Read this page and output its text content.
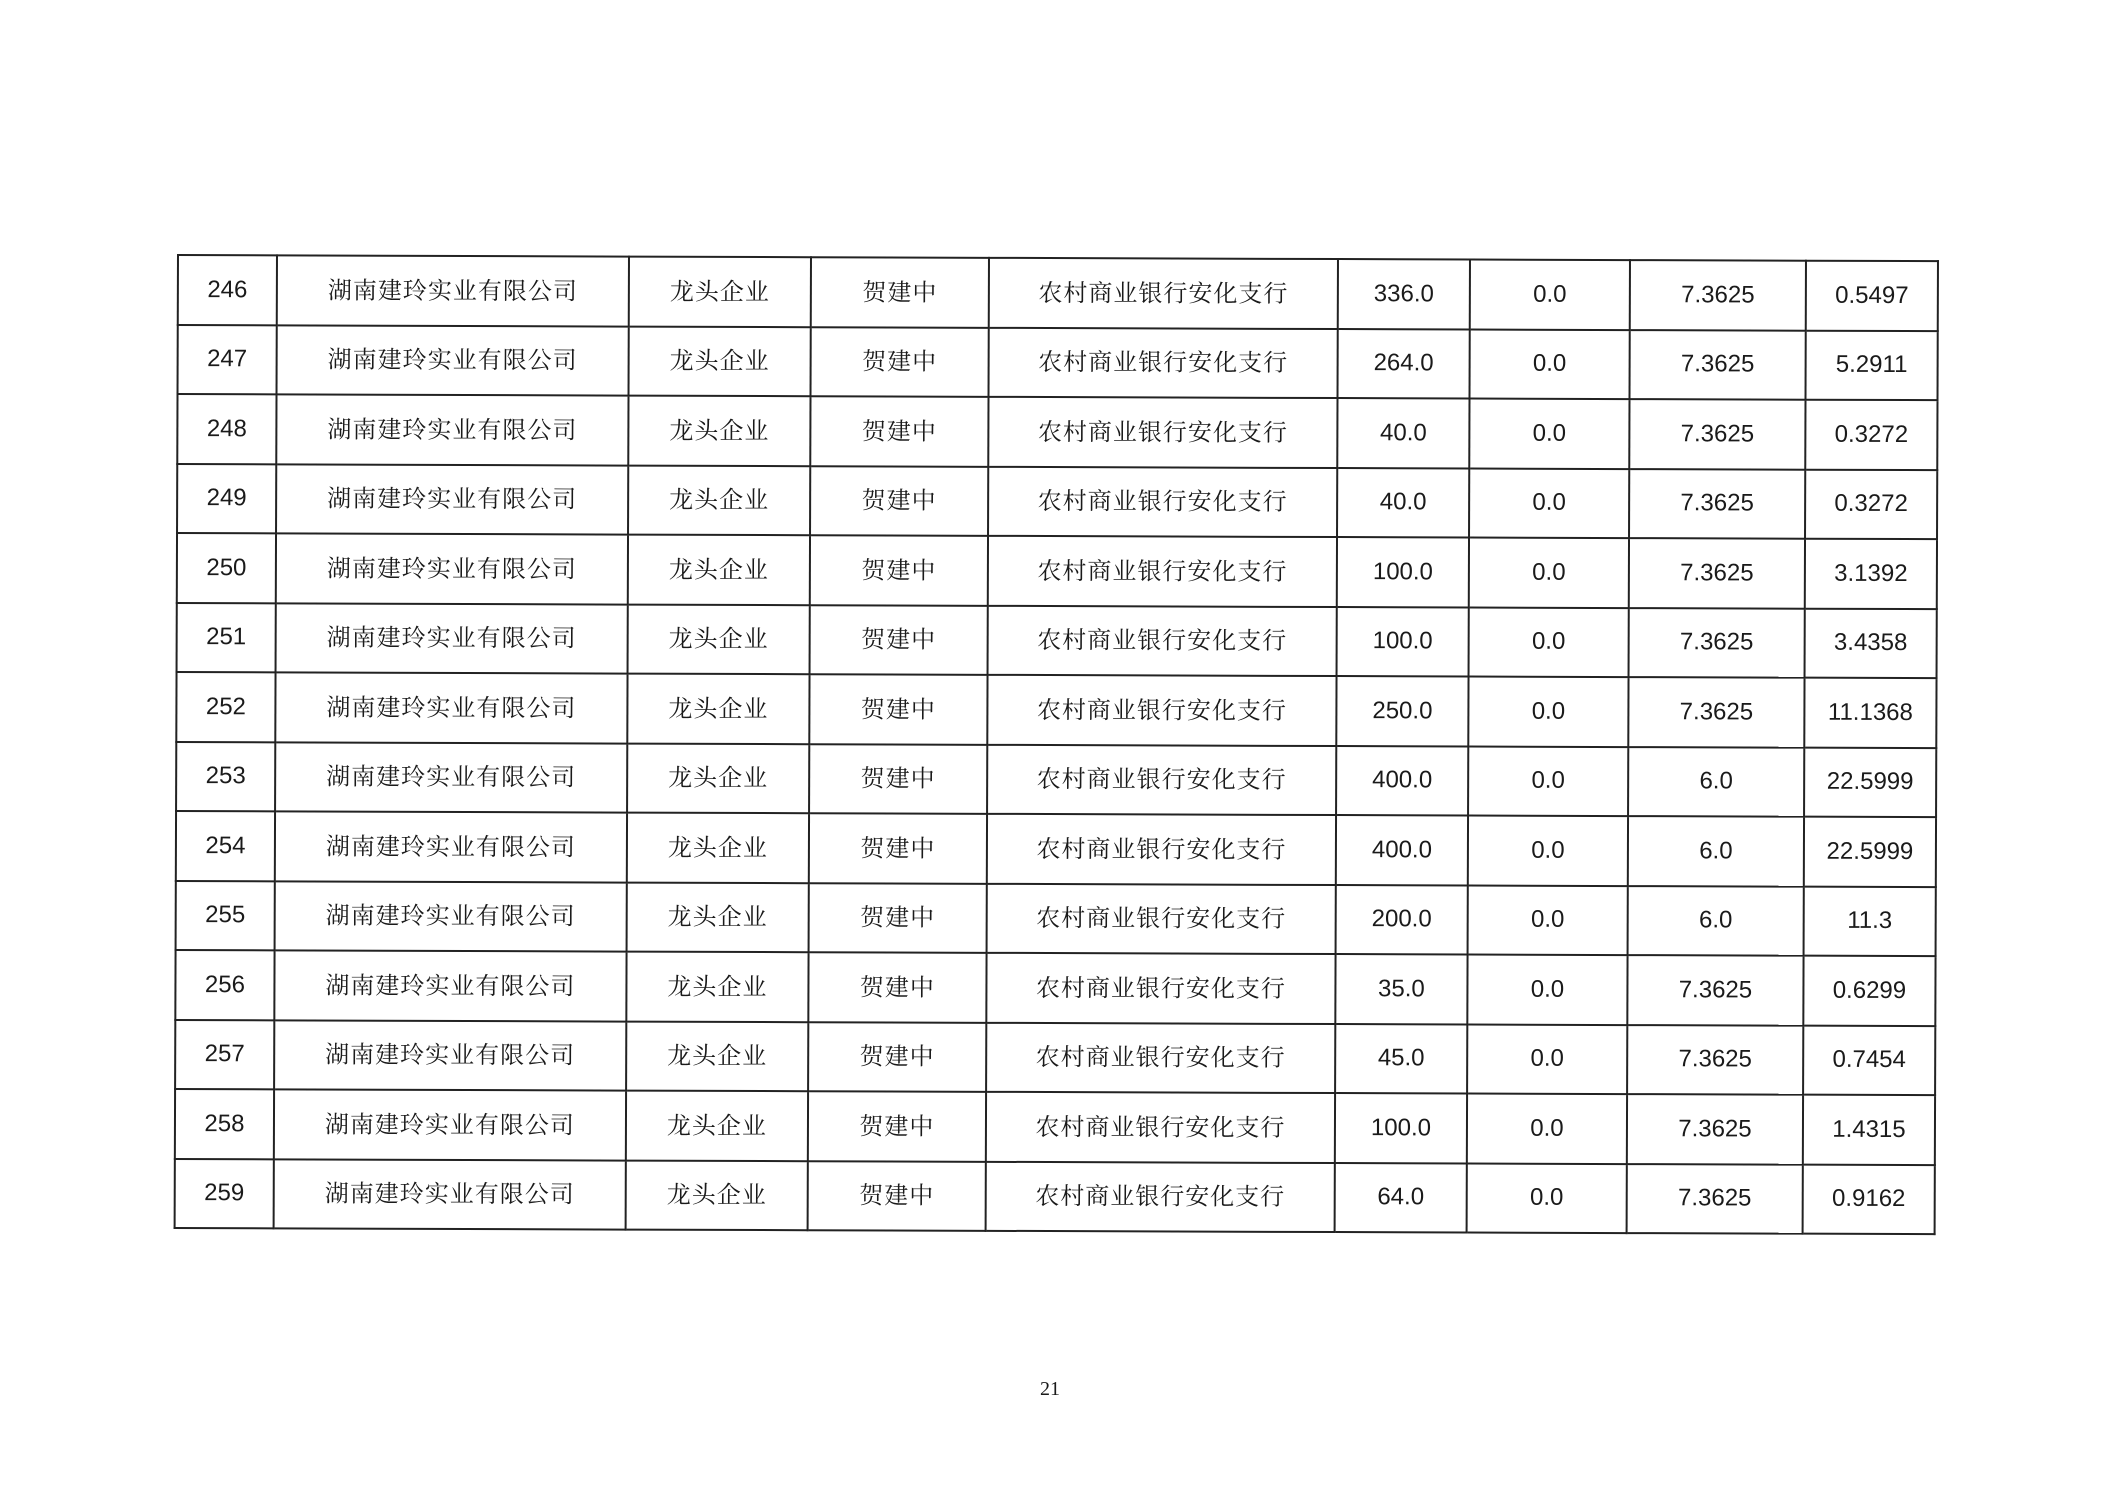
246	湖南建玲实业有限公司	龙头企业	贺建中	农村商业银行安化支行	336.0	0.0	7.3625	0.5497
247	湖南建玲实业有限公司	龙头企业	贺建中	农村商业银行安化支行	264.0	0.0	7.3625	5.2911
248	湖南建玲实业有限公司	龙头企业	贺建中	农村商业银行安化支行	40.0	0.0	7.3625	0.3272
249	湖南建玲实业有限公司	龙头企业	贺建中	农村商业银行安化支行	40.0	0.0	7.3625	0.3272
250	湖南建玲实业有限公司	龙头企业	贺建中	农村商业银行安化支行	100.0	0.0	7.3625	3.1392
251	湖南建玲实业有限公司	龙头企业	贺建中	农村商业银行安化支行	100.0	0.0	7.3625	3.4358
252	湖南建玲实业有限公司	龙头企业	贺建中	农村商业银行安化支行	250.0	0.0	7.3625	11.1368
253	湖南建玲实业有限公司	龙头企业	贺建中	农村商业银行安化支行	400.0	0.0	6.0	22.5999
254	湖南建玲实业有限公司	龙头企业	贺建中	农村商业银行安化支行	400.0	0.0	6.0	22.5999
255	湖南建玲实业有限公司	龙头企业	贺建中	农村商业银行安化支行	200.0	0.0	6.0	11.3
256	湖南建玲实业有限公司	龙头企业	贺建中	农村商业银行安化支行	35.0	0.0	7.3625	0.6299
257	湖南建玲实业有限公司	龙头企业	贺建中	农村商业银行安化支行	45.0	0.0	7.3625	0.7454
258	湖南建玲实业有限公司	龙头企业	贺建中	农村商业银行安化支行	100.0	0.0	7.3625	1.4315
259	湖南建玲实业有限公司	龙头企业	贺建中	农村商业银行安化支行	64.0	0.0	7.3625	0.9162
21
